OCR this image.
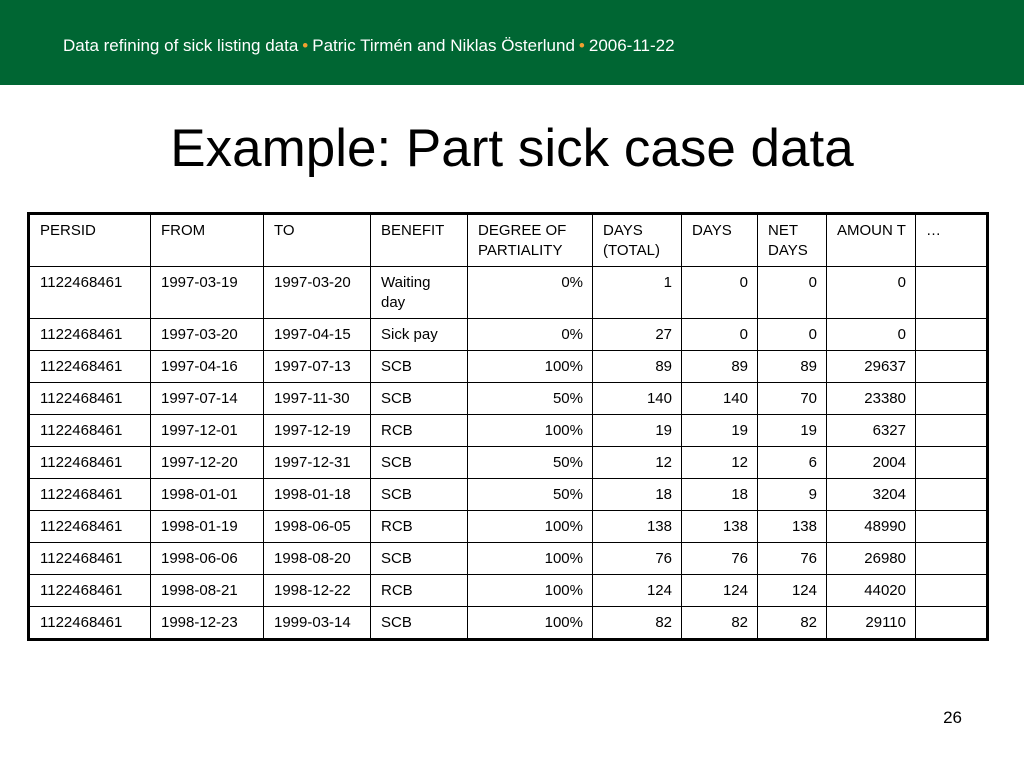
Data refining of sick listing data • Patric Tirmén and Niklas Österlund • 2006-11-22
Example: Part sick case data
PERSID	FROM	TO	BENEFIT	DEGREE OF PARTIALITY	DAYS (TOTAL)	DAYS	NET DAYS	AMOUN T	…
1122468461	1997-03-19	1997-03-20	Waiting day	0%	1	0	0	0	
1122468461	1997-03-20	1997-04-15	Sick pay	0%	27	0	0	0	
1122468461	1997-04-16	1997-07-13	SCB	100%	89	89	89	29637	
1122468461	1997-07-14	1997-11-30	SCB	50%	140	140	70	23380	
1122468461	1997-12-01	1997-12-19	RCB	100%	19	19	19	6327	
1122468461	1997-12-20	1997-12-31	SCB	50%	12	12	6	2004	
1122468461	1998-01-01	1998-01-18	SCB	50%	18	18	9	3204	
1122468461	1998-01-19	1998-06-05	RCB	100%	138	138	138	48990	
1122468461	1998-06-06	1998-08-20	SCB	100%	76	76	76	26980	
1122468461	1998-08-21	1998-12-22	RCB	100%	124	124	124	44020	
1122468461	1998-12-23	1999-03-14	SCB	100%	82	82	82	29110	
26
